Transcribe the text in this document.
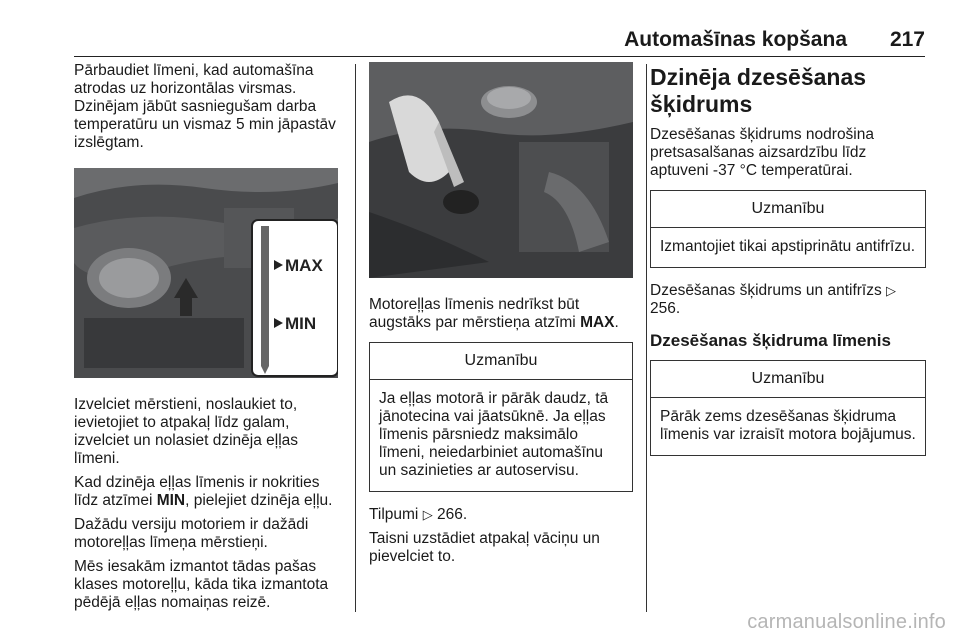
Automašīnas kopšana 217

Pārbaudiet līmeni, kad automašīna atrodas uz horizontālas virsmas. Dzinējam jābūt sasniegušam darba temperatūru un vismaz 5 min jāpastāv izslēgtam.

MAX
MIN

Izvelciet mērstieni, noslaukiet to, ievietojiet to atpakaļ līdz galam, izvelciet un nolasiet dzinēja eļļas līmeni.

Kad dzinēja eļļas līmenis ir nokrities līdz atzīmei MIN, pielejiet dzinēja eļļu.

Dažādu versiju motoriem ir dažādi motoreļļas līmeņa mērstieņi.

Mēs iesakām izmantot tādas pašas klases motoreļļu, kāda tika izmantota pēdējā eļļas nomaiņas reizē.

Motoreļļas līmenis nedrīkst būt augstāks par mērstieņa atzīmi MAX.

Uzmanību
Ja eļļas motorā ir pārāk daudz, tā jānotecina vai jāatsūknē. Ja eļļas līmenis pārsniedz maksimālo līmeni, neiedarbiniet automašīnu un sazinieties ar autoservisu.

Tilpumi ▷ 266.

Taisni uzstādiet atpakaļ vāciņu un pievelciet to.

Dzinēja dzesēšanas šķidrums

Dzesēšanas šķidrums nodrošina pretsasalšanas aizsardzību līdz aptuveni -37 °C temperatūrai.

Uzmanību
Izmantojiet tikai apstiprinātu antifrīzu.

Dzesēšanas šķidrums un antifrīzs ▷ 256.

Dzesēšanas šķidruma līmenis
Uzmanību
Pārāk zems dzesēšanas šķidruma līmenis var izraisīt motora bojājumus.
carmanualsonline.info
